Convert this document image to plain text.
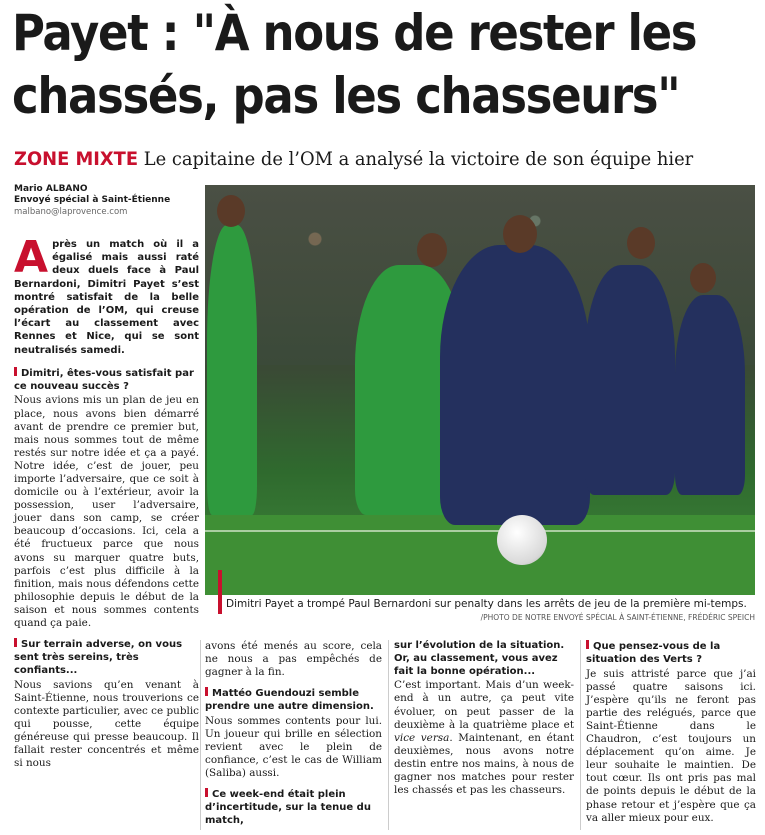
Payet : "À nous de rester les
chassés, pas les chasseurs"
ZONE MIXTE Le capitaine de l’OM a analysé la victoire de son équipe hier
Mario ALBANO
Envoyé spécial à Saint-Étienne
malbano@laprovence.com

Après un match où il a égalisé mais aussi raté deux duels face à Paul Bernardoni, Dimitri Payet s’est montré satisfait de la belle opération de l’OM, qui creuse l’écart au classement avec Rennes et Nice, qui se sont neutralisés samedi.

Dimitri, êtes-vous satisfait par ce nouveau succès ?

Nous avions mis un plan de jeu en place, nous avons bien démarré avant de prendre ce premier but, mais nous sommes tout de même restés sur notre idée et ça a payé. Notre idée, c’est de jouer, peu importe l’adversaire, que ce soit à domicile ou à l’extérieur, avoir la possession, user l’adversaire, jouer dans son camp, se créer beaucoup d’occasions. Ici, cela a été fructueux parce que nous avons su marquer quatre buts, parfois c’est plus difficile à la finition, mais nous défendons cette philosophie depuis le début de la saison et nous sommes contents quand ça paie.

Sur terrain adverse, on vous sent très sereins, très confiants...

Nous savions qu’en venant à Saint-Étienne, nous trouverions ce contexte particulier, avec ce public qui pousse, cette équipe généreuse qui presse beaucoup. Il fallait rester concentrés et même si nous

Dimitri Payet a trompé Paul Bernardoni sur penalty dans les arrêts de jeu de la première mi-temps.
/PHOTO DE NOTRE ENVOYÉ SPÉCIAL À SAINT-ÉTIENNE, FRÉDÉRIC SPEICH

avons été menés au score, cela ne nous a pas empêchés de gagner à la fin.

Mattéo Guendouzi semble prendre une autre dimension.

Nous sommes contents pour lui. Un joueur qui brille en sélection revient avec le plein de confiance, c’est le cas de William (Saliba) aussi.

Ce week-end était plein d’incertitude, sur la tenue du match,
sur l’évolution de la situation. Or, au classement, vous avez fait la bonne opération...

C’est important. Mais d’un week-end à un autre, ça peut vite évoluer, on peut passer de la deuxième à la quatrième place et vice versa. Maintenant, en étant deuxièmes, nous avons notre destin entre nos mains, à nous de gagner nos matches pour rester les chassés et pas les chasseurs.

Que pensez-vous de la situation des Verts ?

Je suis attristé parce que j’ai passé quatre saisons ici. J’espère qu’ils ne feront pas partie des relégués, parce que Saint-Étienne dans le Chaudron, c’est toujours un déplacement qu’on aime. Je leur souhaite le maintien. De tout cœur. Ils ont pris pas mal de points depuis le début de la phase retour et j’espère que ça va aller mieux pour eux.
